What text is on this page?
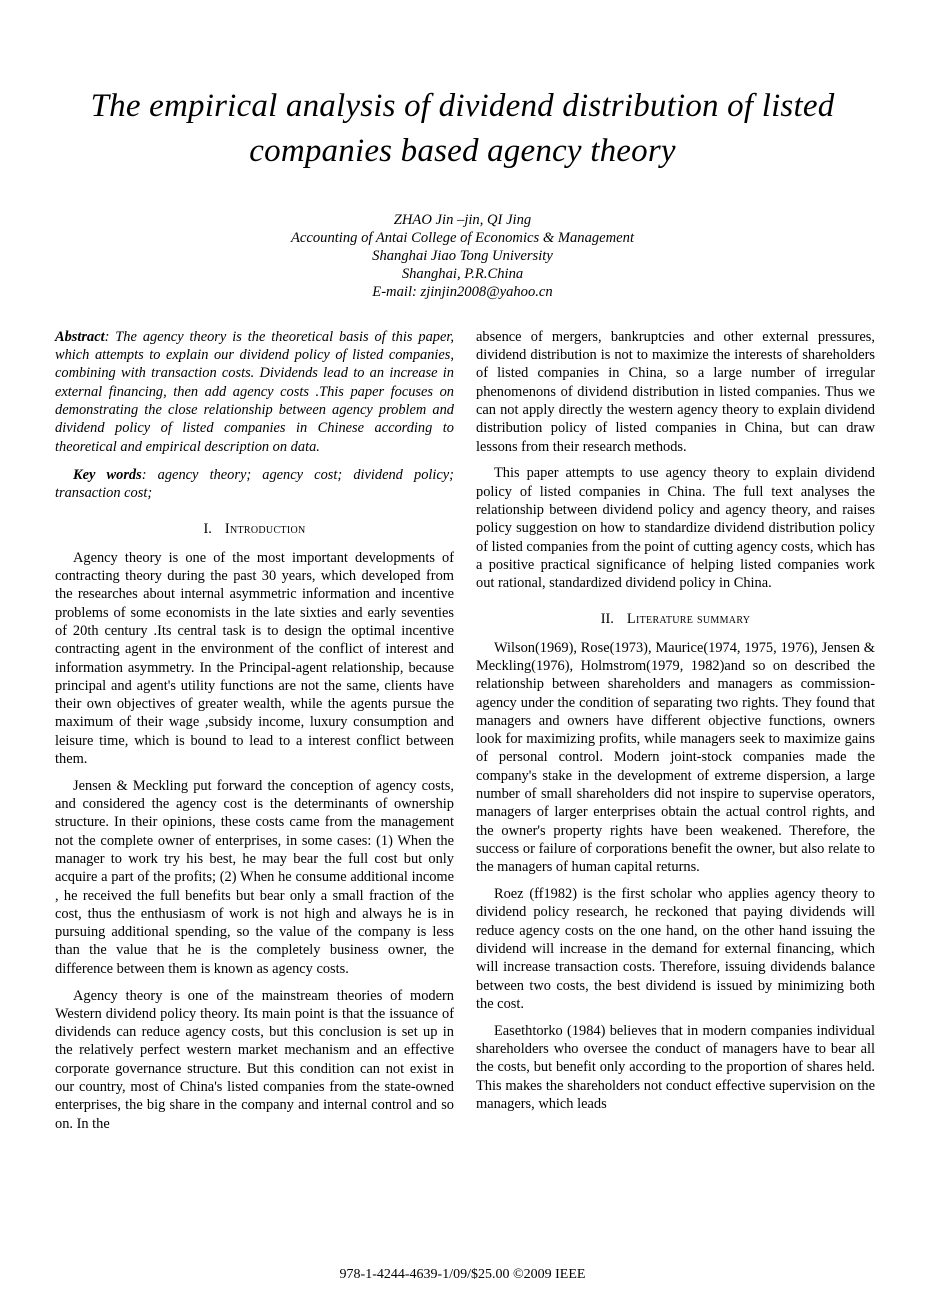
The empirical analysis of dividend distribution of listed companies based agency theory
ZHAO Jin –jin, QI Jing
Accounting of Antai College of Economics & Management
Shanghai Jiao Tong University
Shanghai, P.R.China
E-mail: zjinjin2008@yahoo.cn

Abstract: The agency theory is the theoretical basis of this paper, which attempts to explain our dividend policy of listed companies, combining with transaction costs. Dividends lead to an increase in external financing, then add agency costs .This paper focuses on demonstrating the close relationship between agency problem and dividend policy of listed companies in Chinese according to theoretical and empirical description on data.

Key words: agency theory; agency cost; dividend policy; transaction cost;

I. Introduction

Agency theory is one of the most important developments of contracting theory during the past 30 years, which developed from the researches about internal asymmetric information and incentive problems of some economists in the late sixties and early seventies of 20th century .Its central task is to design the optimal incentive contracting agent in the environment of the conflict of interest and information asymmetry. In the Principal-agent relationship, because principal and agent's utility functions are not the same, clients have their own objectives of greater wealth, while the agents pursue the maximum of their wage ,subsidy income, luxury consumption and leisure time, which is bound to lead to a interest conflict between them.

Jensen & Meckling put forward the conception of agency costs, and considered the agency cost is the determinants of ownership structure. In their opinions, these costs came from the management not the complete owner of enterprises, in some cases: (1) When the manager to work try his best, he may bear the full cost but only acquire a part of the profits; (2) When he consume additional income , he received the full benefits but bear only a small fraction of the cost, thus the enthusiasm of work is not high and always he is in pursuing additional spending, so the value of the company is less than the value that he is the completely business owner, the difference between them is known as agency costs.

Agency theory is one of the mainstream theories of modern Western dividend policy theory. Its main point is that the issuance of dividends can reduce agency costs, but this conclusion is set up in the relatively perfect western market mechanism and an effective corporate governance structure. But this condition can not exist in our country, most of China's listed companies from the state-owned enterprises, the big share in the company and internal control and so on. In the

absence of mergers, bankruptcies and other external pressures, dividend distribution is not to maximize the interests of shareholders of listed companies in China, so a large number of irregular phenomenons of dividend distribution in listed companies. Thus we can not apply directly the western agency theory to explain dividend distribution policy of listed companies in China, but can draw lessons from their research methods.

This paper attempts to use agency theory to explain dividend policy of listed companies in China. The full text analyses the relationship between dividend policy and agency theory, and raises policy suggestion on how to standardize dividend distribution policy of listed companies from the point of cutting agency costs, which has a positive practical significance of helping listed companies work out rational, standardized dividend policy in China.

II. Literature summary

Wilson(1969), Rose(1973), Maurice(1974, 1975, 1976), Jensen & Meckling(1976), Holmstrom(1979, 1982)and so on described the relationship between shareholders and managers as commission-agency under the condition of separating two rights. They found that managers and owners have different objective functions, owners look for maximizing profits, while managers seek to maximize gains of personal control. Modern joint-stock companies made the company's stake in the development of extreme dispersion, a large number of small shareholders did not inspire to supervise operators, managers of larger enterprises obtain the actual control rights, and the owner's property rights have been weakened. Therefore, the success or failure of corporations benefit the owner, but also relate to the managers of human capital returns.

Roez (ff1982) is the first scholar who applies agency theory to dividend policy research, he reckoned that paying dividends will reduce agency costs on the one hand, on the other hand issuing the dividend will increase in the demand for external financing, which will increase transaction costs. Therefore, issuing dividends balance between two costs, the best dividend is issued by minimizing both the cost.

Easethtorko (1984) believes that in modern companies individual shareholders who oversee the conduct of managers have to bear all the costs, but benefit only according to the proportion of shares held. This makes the shareholders not conduct effective supervision on the managers, which leads

978-1-4244-4639-1/09/$25.00 ©2009 IEEE
